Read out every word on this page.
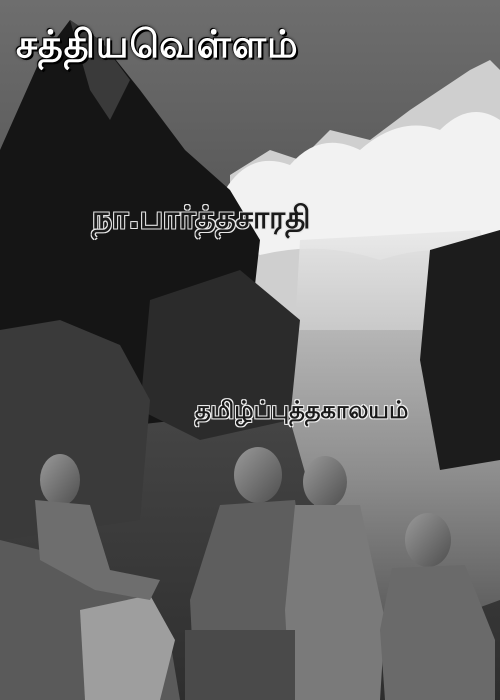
சத்தியவெள்ளம்
நா.பார்த்தசாரதி
தமிழ்ப்புத்தகாலயம்
